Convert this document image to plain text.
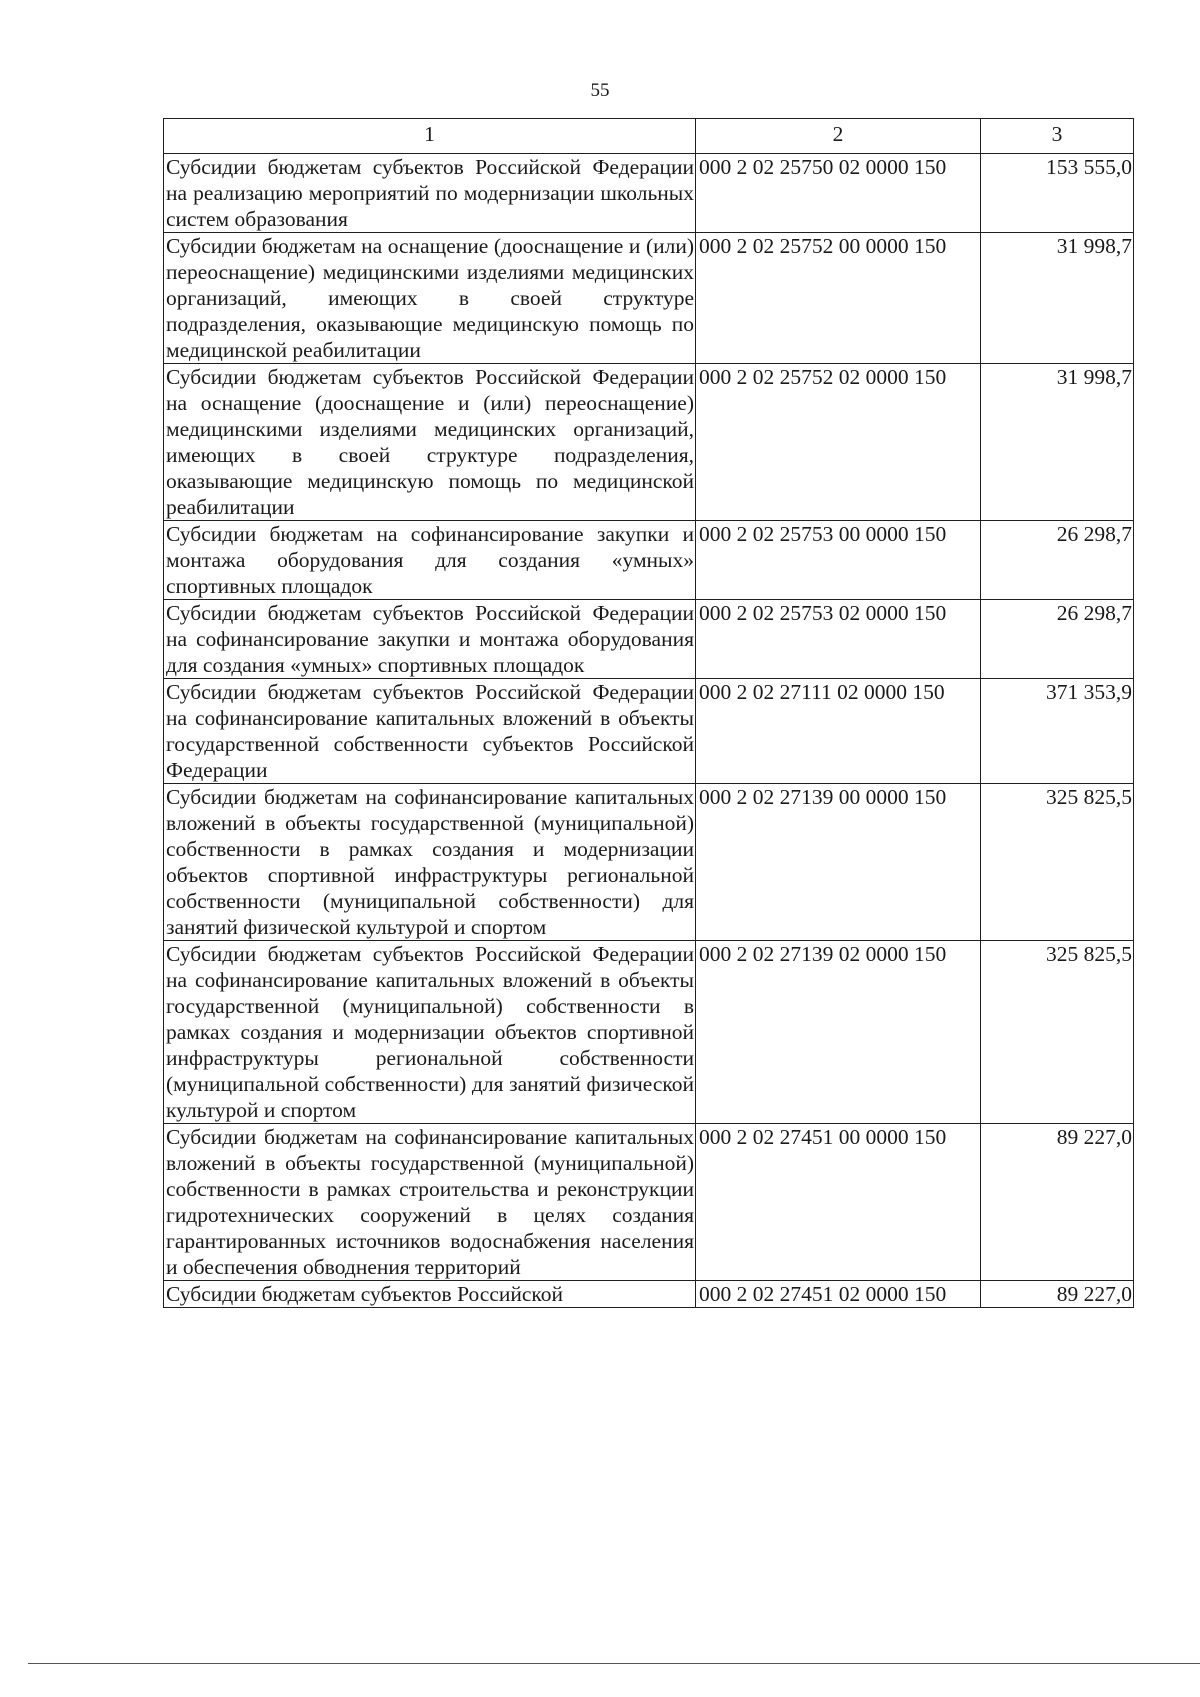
55
1	2	3
Субсидии бюджетам субъектов Российской Федерации на реализацию мероприятий по модернизации школьных систем образования	000 2 02 25750 02 0000 150	153 555,0
Субсидии бюджетам на оснащение (дооснащение и (или) переоснащение) медицинскими изделиями медицинских организаций, имеющих в своей структуре подразделения, оказывающие медицинскую помощь по медицинской реабилитации	000 2 02 25752 00 0000 150	31 998,7
Субсидии бюджетам субъектов Российской Федерации на оснащение (дооснащение и (или) переоснащение) медицинскими изделиями медицинских организаций, имеющих в своей структуре подразделения, оказывающие медицинскую помощь по медицинской реабилитации	000 2 02 25752 02 0000 150	31 998,7
Субсидии бюджетам на софинансирование закупки и монтажа оборудования для создания «умных» спортивных площадок	000 2 02 25753 00 0000 150	26 298,7
Субсидии бюджетам субъектов Российской Федерации на софинансирование закупки и монтажа оборудования для создания «умных» спортивных площадок	000 2 02 25753 02 0000 150	26 298,7
Субсидии бюджетам субъектов Российской Федерации на софинансирование капитальных вложений в объекты государственной собственности субъектов Российской Федерации	000 2 02 27111 02 0000 150	371 353,9
Субсидии бюджетам на софинансирование капитальных вложений в объекты государственной (муниципальной) собственности в рамках создания и модернизации объектов спортивной инфраструктуры региональной собственности (муниципальной собственности) для занятий физической культурой и спортом	000 2 02 27139 00 0000 150	325 825,5
Субсидии бюджетам субъектов Российской Федерации на софинансирование капитальных вложений в объекты государственной (муниципальной) собственности в рамках создания и модернизации объектов спортивной инфраструктуры региональной собственности (муниципальной собственности) для занятий физической культурой и спортом	000 2 02 27139 02 0000 150	325 825,5
Субсидии бюджетам на софинансирование капитальных вложений в объекты государственной (муниципальной) собственности в рамках строительства и реконструкции гидротехнических сооружений в целях создания гарантированных источников водоснабжения населения и обеспечения обводнения территорий	000 2 02 27451 00 0000 150	89 227,0
Субсидии бюджетам субъектов Российской	000 2 02 27451 02 0000 150	89 227,0
